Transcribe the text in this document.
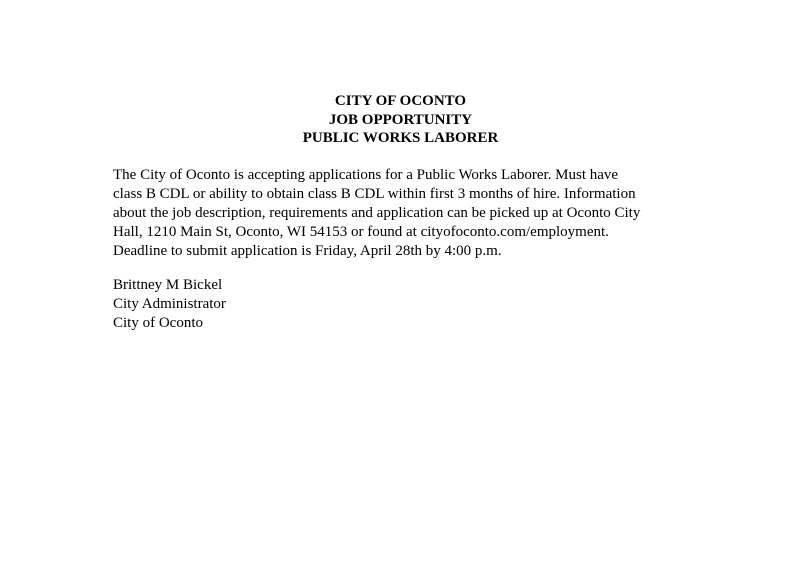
CITY OF OCONTO
JOB OPPORTUNITY
PUBLIC WORKS LABORER
The City of Oconto is accepting applications for a Public Works Laborer. Must have
class B CDL or ability to obtain class B CDL within first 3 months of hire. Information
about the job description, requirements and application can be picked up at Oconto City
Hall, 1210 Main St, Oconto, WI 54153 or found at cityofoconto.com/employment.
Deadline to submit application is Friday, April 28th by 4:00 p.m.
Brittney M Bickel
City Administrator
City of Oconto
